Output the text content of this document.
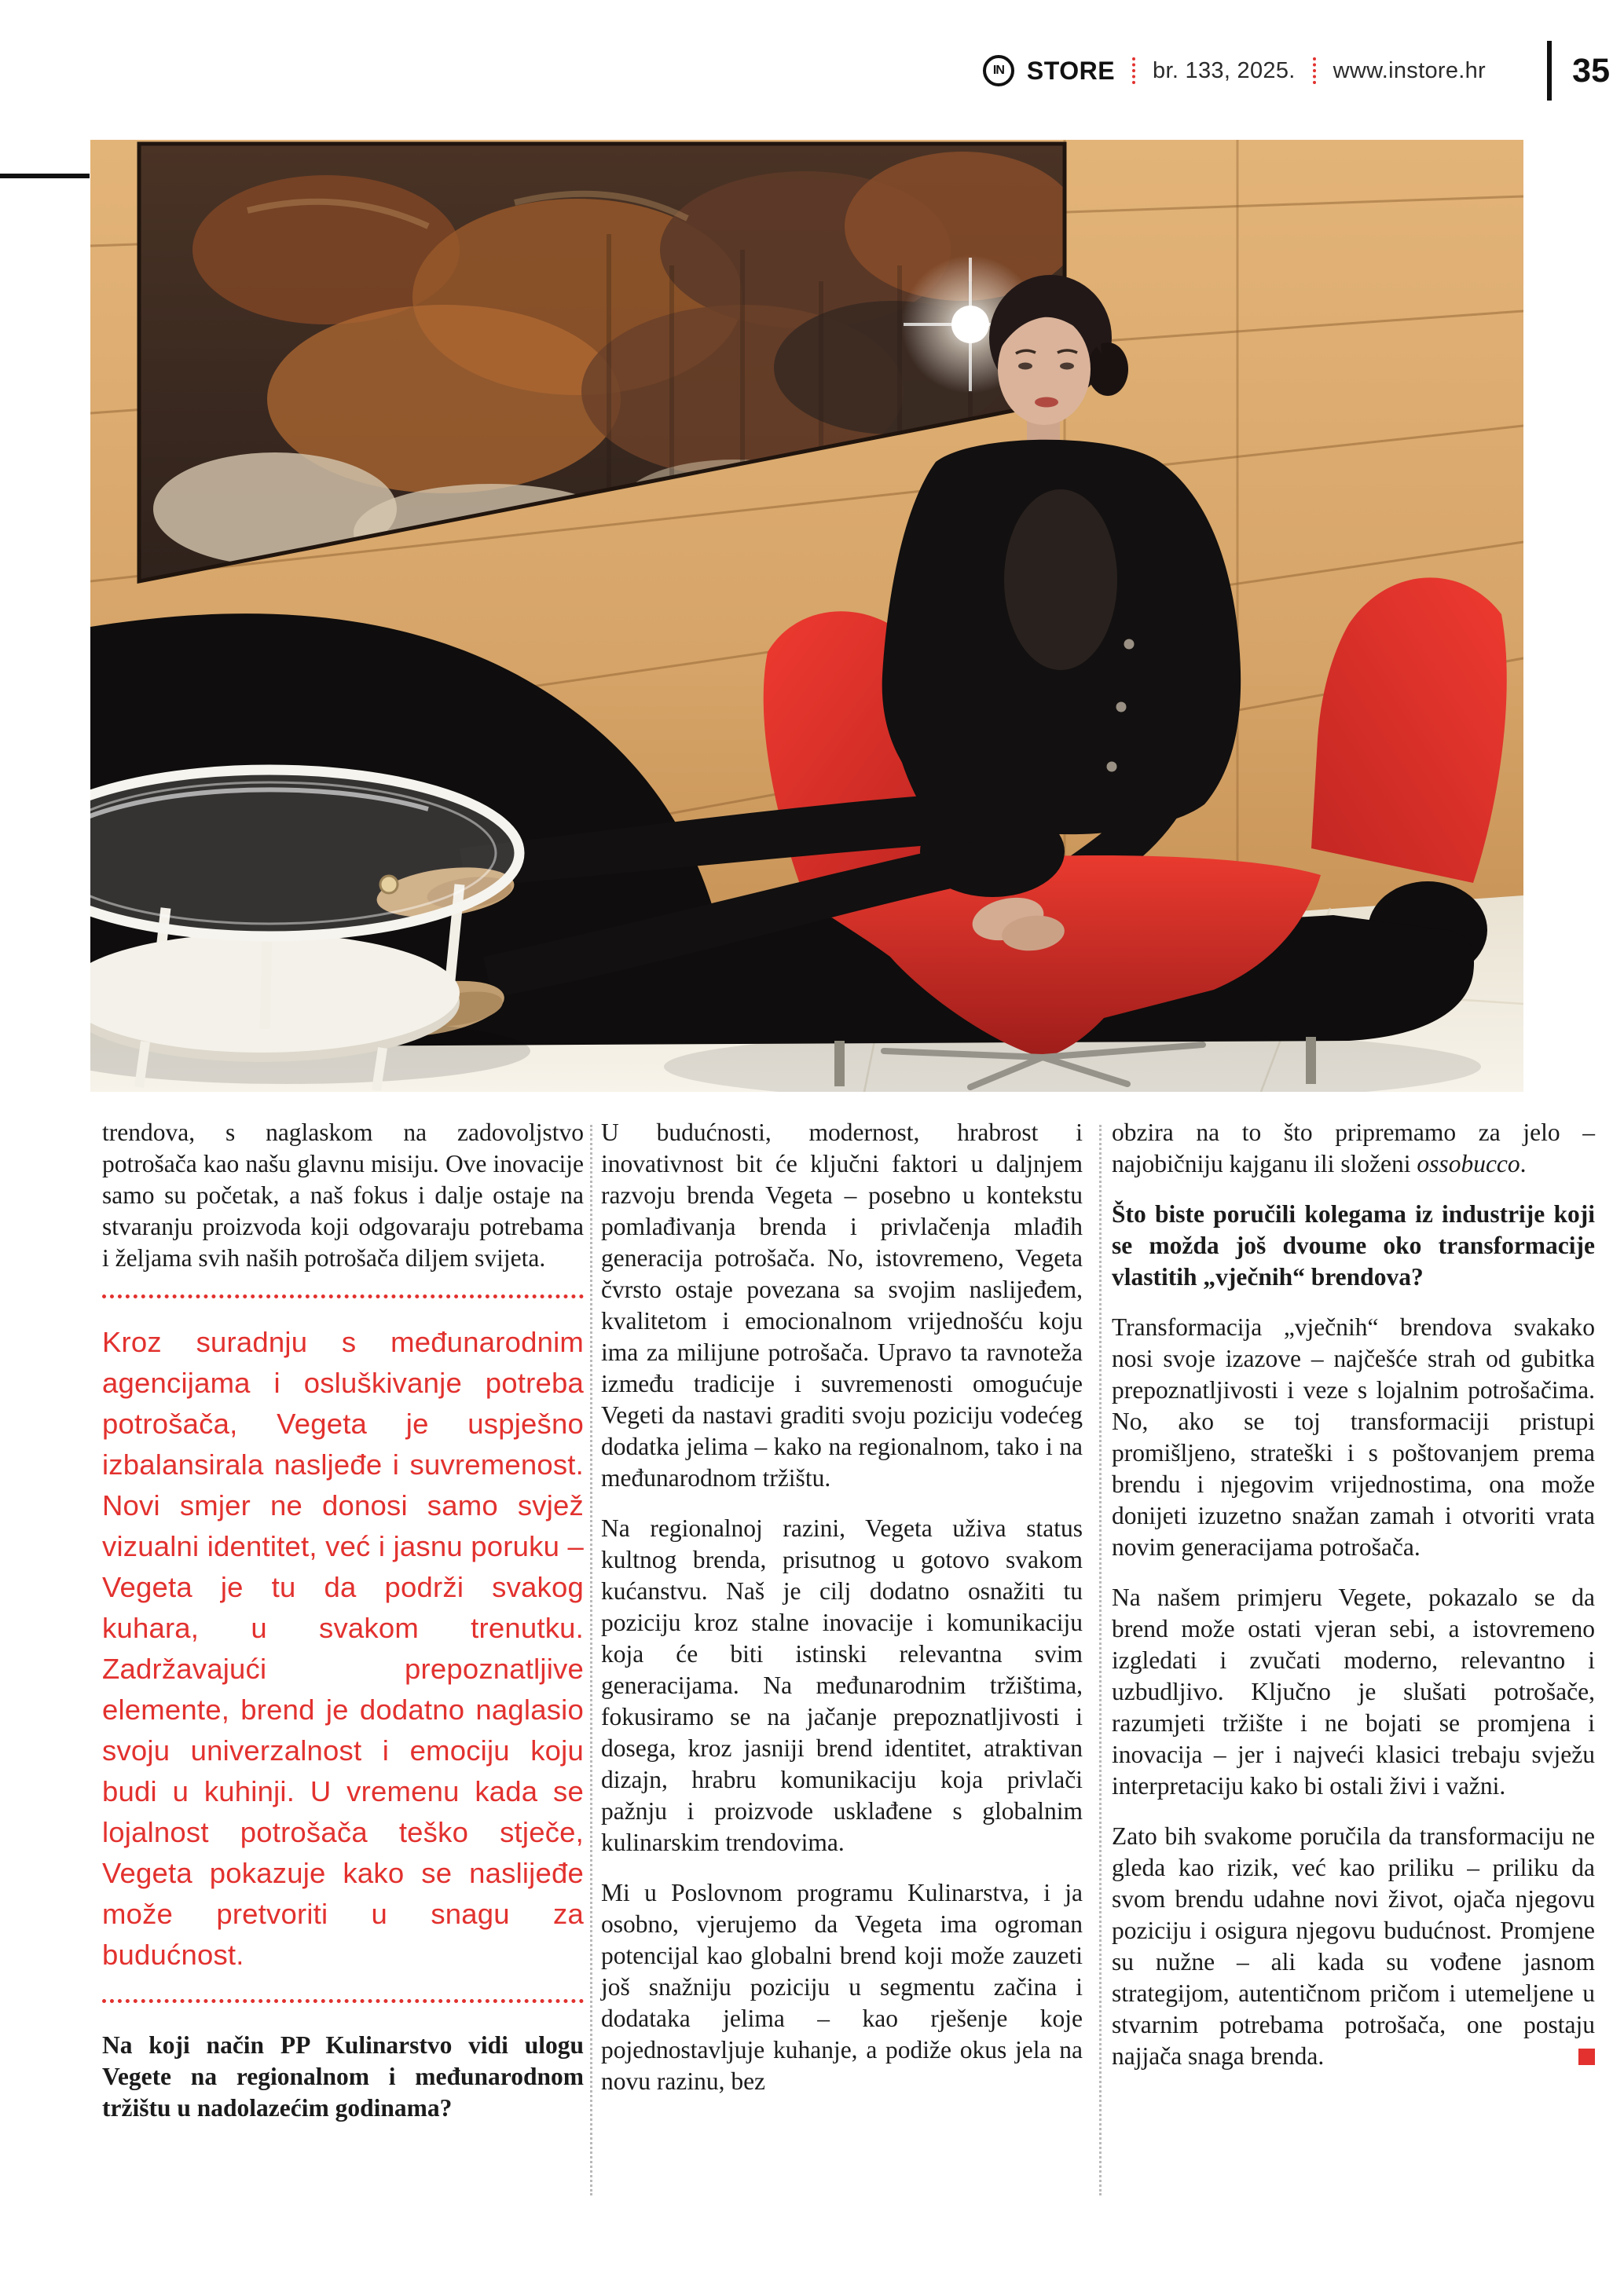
IN STORE br. 133, 2025. www.instore.hr	35

trendova, s naglaskom na zadovoljstvo potrošača kao našu glavnu misiju. Ove inovacije samo su početak, a naš fokus i dalje ostaje na stvaranju proizvoda koji odgovaraju potrebama i željama svih naših potrošača diljem svijeta.

Kroz suradnju s međunarodnim agencijama i osluškivanje potreba potrošača, Vegeta je uspješno izbalansirala nasljeđe i suvremenost. Novi smjer ne donosi samo svjež vizualni identitet, već i jasnu poruku – Vegeta je tu da podrži svakog kuhara, u svakom trenutku. Zadržavajući prepoznatljive elemente, brend je dodatno naglasio svoju univerzalnost i emociju koju budi u kuhinji. U vremenu kada se lojalnost potrošača teško stječe, Vegeta pokazuje kako se naslijeđe može pretvoriti u snagu za budućnost.

Na koji način PP Kulinarstvo vidi ulogu Vegete na regionalnom i međunarodnom tržištu u nadolazećim godinama?

U budućnosti, modernost, hrabrost i inovativnost bit će ključni faktori u daljnjem razvoju brenda Vegeta – posebno u kontekstu pomlađivanja brenda i privlačenja mlađih generacija potrošača. No, istovremeno, Vegeta čvrsto ostaje povezana sa svojim naslijeđem, kvalitetom i emocionalnom vrijednošću koju ima za milijune potrošača. Upravo ta ravnoteža između tradicije i suvremenosti omogućuje Vegeti da nastavi graditi svoju poziciju vodećeg dodatka jelima – kako na regionalnom, tako i na međunarodnom tržištu.

Na regionalnoj razini, Vegeta uživa status kultnog brenda, prisutnog u gotovo svakom kućanstvu. Naš je cilj dodatno osnažiti tu poziciju kroz stalne inovacije i komunikaciju koja će biti istinski relevantna svim generacijama. Na međunarodnim tržištima, fokusiramo se na jačanje prepoznatljivosti i dosega, kroz jasniji brend identitet, atraktivan dizajn, hrabru komunikaciju koja privlači pažnju i proizvode usklađene s globalnim kulinarskim trendovima.

Mi u Poslovnom programu Kulinarstva, i ja osobno, vjerujemo da Vegeta ima ogroman potencijal kao globalni brend koji može zauzeti još snažniju poziciju u segmentu začina i dodataka jelima – kao rješenje koje pojednostavljuje kuhanje, a podiže okus jela na novu razinu, bez

obzira na to što pripremamo za jelo – najobičniju kajganu ili složeni ossobucco.

Što biste poručili kolegama iz industrije koji se možda još dvoume oko transformacije vlastitih „vječnih“ brendova?

Transformacija „vječnih“ brendova svakako nosi svoje izazove – najčešće strah od gubitka prepoznatljivosti i veze s lojalnim potrošačima. No, ako se toj transformaciji pristupi promišljeno, strateški i s poštovanjem prema brendu i njegovim vrijednostima, ona može donijeti izuzetno snažan zamah i otvoriti vrata novim generacijama potrošača.

Na našem primjeru Vegete, pokazalo se da brend može ostati vjeran sebi, a istovremeno izgledati i zvučati moderno, relevantno i uzbudljivo. Ključno je slušati potrošače, razumjeti tržište i ne bojati se promjena i inovacija – jer i najveći klasici trebaju svježu interpretaciju kako bi ostali živi i važni.

Zato bih svakome poručila da transformaciju ne gleda kao rizik, već kao priliku – priliku da svom brendu udahne novi život, ojača njegovu poziciju i osigura njegovu budućnost. Promjene su nužne – ali kada su vođene jasnom strategijom, autentičnom pričom i utemeljene u stvarnim potrebama potrošača, one postaju najjača snaga brenda.
